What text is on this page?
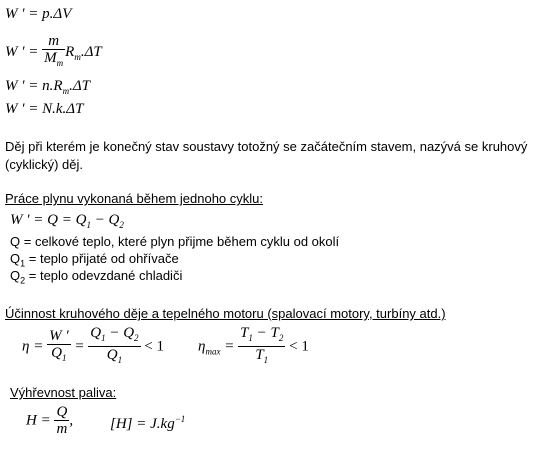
W ′ = p.ΔV
W ′ = $\frac{m}{M_m} R_m.\Delta T$
W ′ = $n.R_m.\Delta T$
W ′ = N.k.ΔT
Děj při kterém je konečný stav soustavy totožný se začátečním stavem, nazývá se kruhový
(cyklický) děj.
Práce plynu vykonaná během jednoho cyklu:
W ′ = $Q = Q_1 - Q_2$
Q = celkové teplo, které plyn přijme během cyklu od okolí
$Q_1$ = teplo přijaté od ohřívače
$Q_2$ = teplo odevzdané chladiči
Účinnost kruhového děje a tepelného motoru (spalovací motory, turbíny atd.)
$\eta = \frac{W '}{Q_1} = \frac{Q_1 - Q_2}{Q_1} < 1$ $\eta_{max} = \frac{T_1 - T_2}{T_1} < 1$
Výhřevnost paliva:
$H = \frac{Q}{m}$ , $[H] = J.kg^{-1}$
